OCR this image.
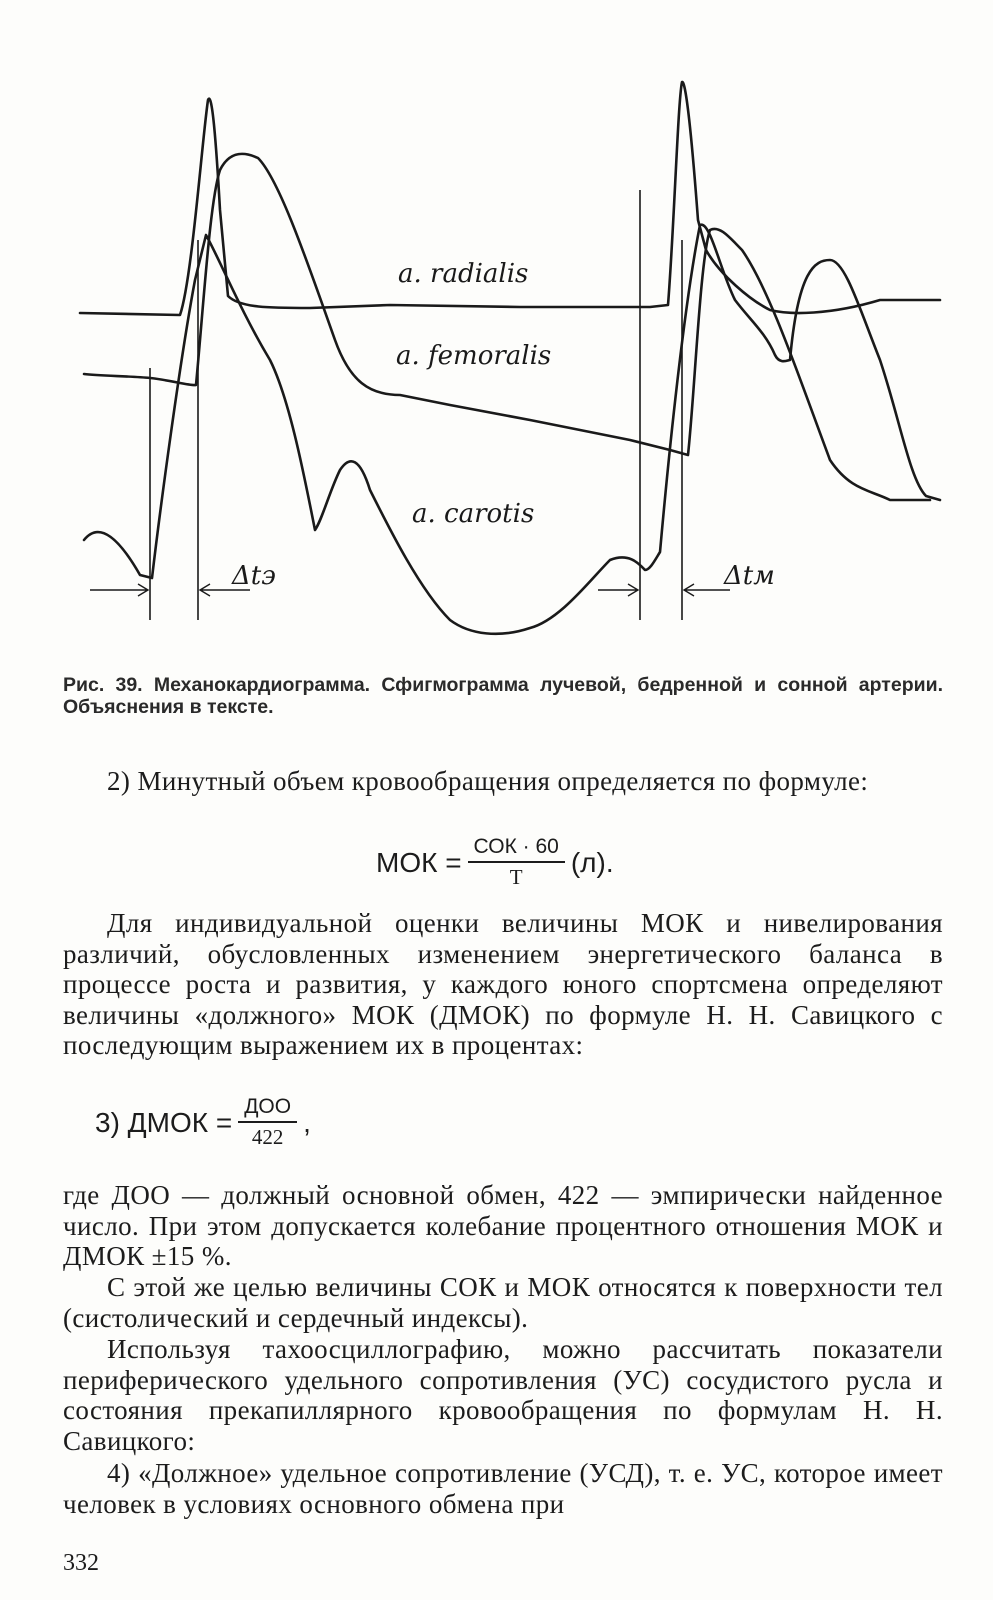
a. radialis
a. femoralis
a. carotis
Δtэ	Δtм
Рис. 39. Механокардиограмма. Сфигмограмма лучевой, бедренной и сонной артерии. Объяснения в тексте.
2) Минутный объем кровообращения определяется по формуле:
МОК = $\frac{\text{СОК · 60}}{Т} (л)$.
Для индивидуальной оценки величины МОК и нивелирования различий, обусловленных изменением энергетического баланса в процессе роста и развития, у каждого юного спортсмена определяют величины «должного» МОК (ДМОК) по формуле Н. Н. Савицкого с последующим выражением их в процентах:
3) ДМОК = $\frac{\text{ДОО}}{422}$ ,
где ДОО — должный основной обмен, 422 — эмпирически найденное число. При этом допускается колебание процентного отношения МОК и ДМОК ±15 %.
С этой же целью величины СОК и МОК относятся к поверхности тел (систолический и сердечный индексы).
Используя тахоосциллографию, можно рассчитать показатели периферического удельного сопротивления (УС) сосудистого русла и состояния прекапиллярного кровообращения по формулам Н. Н. Савицкого:
4) «Должное» удельное сопротивление (УСД), т. е. УС, которое имеет человек в условиях основного обмена при
332
